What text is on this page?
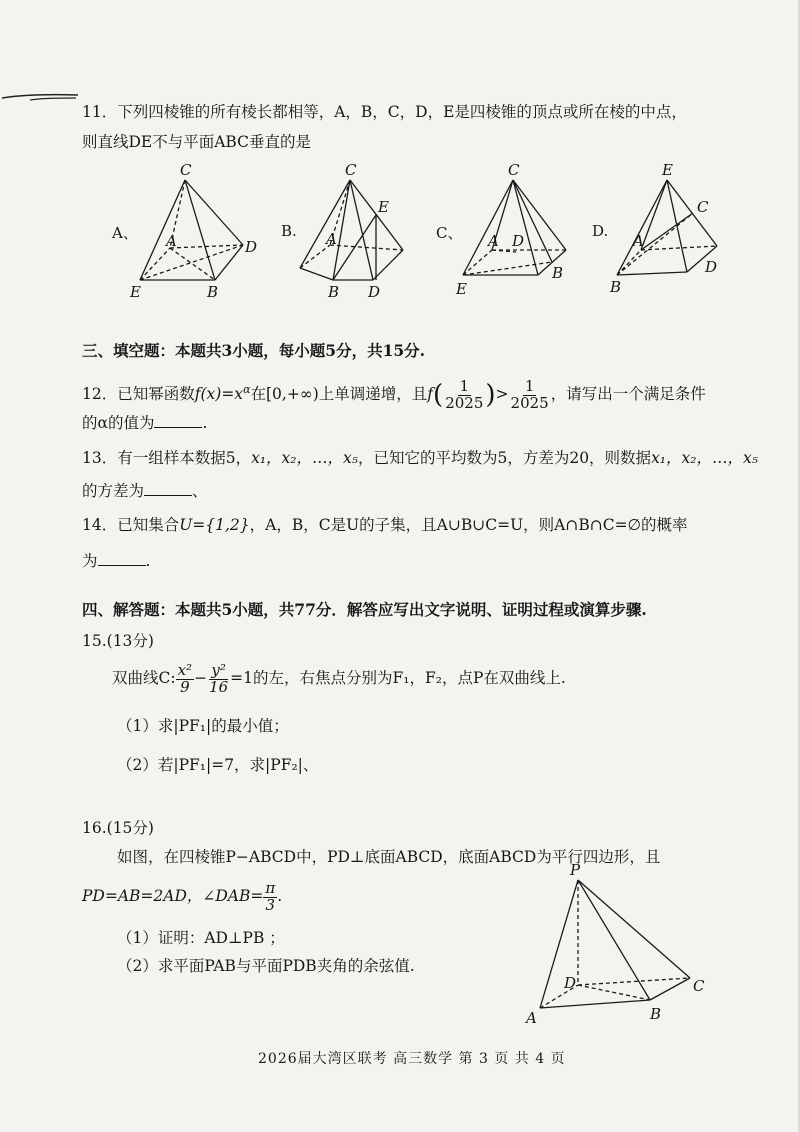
11．下列四棱锥的所有棱长都相等，A，B，C，D，E是四棱锥的顶点或所在棱的中点，
则直线DE不与平面ABC垂直的是
A、
C
A	D
E	B
B.
C
E
A
B D
C、
C
A D
B
E
D.
E
C
A
D
B
三、填空题：本题共3小题，每小题5分，共15分.
12．已知幂函数$f(x)=x^\alpha$在[0,+∞)上单调递增，且$f( \frac{1}{2025}$ )> $\frac{1}{2025}$ ，请写出一个满足条件
的α的值为	.
13．有一组样本数据5，x₁，x₂，…，x₅，已知它的平均数为5，方差为20，则数据x₁，x₂，…，x₅
的方差为	、
14．已知集合U={1,2}，A，B，C是U的子集，且A∪B∪C=U，则A∩B∩C=∅的概率
为	.
四、解答题：本题共5小题，共77分．解答应写出文字说明、证明过程或演算步骤.
15.(13分)
双曲线C: $\frac{\text{x²}}{9} - \frac{\text{y²}}{16} =1$的左，右焦点分别为F₁，F₂，点P在双曲线上.
（1）求|PF₁|的最小值；
（2）若|PF₁|=7，求|PF₂|、
16.(15分)
如图，在四棱锥P−ABCD中，PD⊥底面ABCD，底面ABCD为平行四边形，且
PD=AB=2AD，∠DAB= $\frac{\pi}{3}$ .
（1）证明：AD⊥PB ；
（2）求平面PAB与平面PDB夹角的余弦值.
P
D	C
A	B
2026届大湾区联考 高三数学 第 3 页 共 4 页
